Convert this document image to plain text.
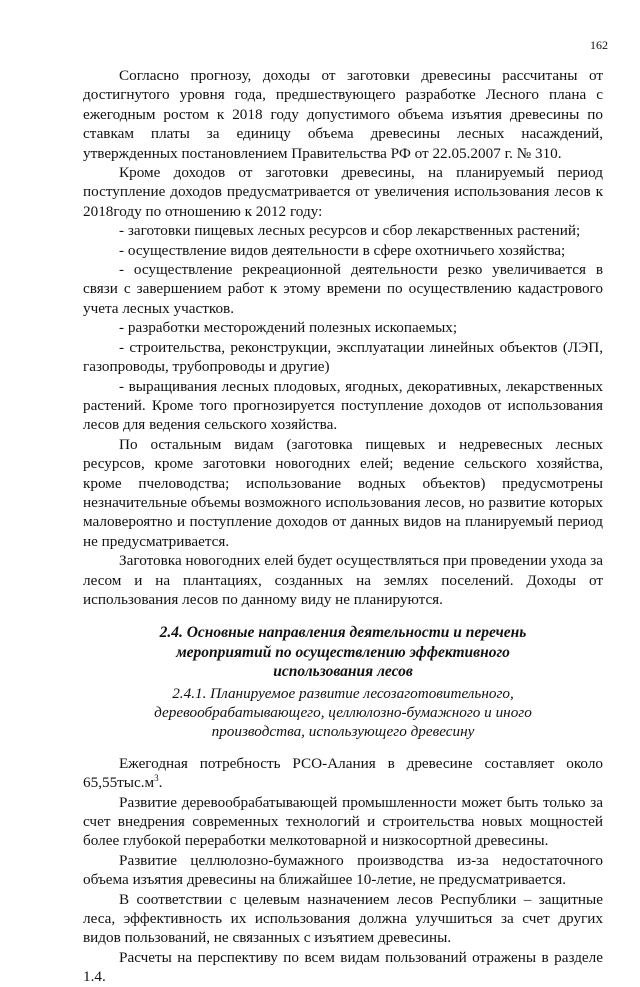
162

Согласно прогнозу, доходы от заготовки древесины рассчитаны от достигнутого уровня года, предшествующего разработке Лесного плана с ежегодным ростом к 2018 году допустимого объема изъятия древесины по ставкам платы за единицу объема древесины лесных насаждений, утвержденных постановлением Правительства РФ от 22.05.2007 г. № 310.

Кроме доходов от заготовки древесины, на планируемый период поступление доходов предусматривается от увеличения использования лесов к 2018году по отношению к 2012 году:

- заготовки пищевых лесных ресурсов и сбор лекарственных растений;

- осуществление видов деятельности в сфере охотничьего хозяйства;

- осуществление рекреационной деятельности резко увеличивается в связи с завершением работ к этому времени по осуществлению кадастрового учета лесных участков.

- разработки месторождений полезных ископаемых;

- строительства, реконструкции, эксплуатации линейных объектов (ЛЭП, газопроводы, трубопроводы и другие)

- выращивания лесных плодовых, ягодных, декоративных, лекарственных растений. Кроме того прогнозируется поступление доходов от использования лесов для ведения сельского хозяйства.

По остальным видам (заготовка пищевых и недревесных лесных ресурсов, кроме заготовки новогодних елей; ведение сельского хозяйства, кроме пчеловодства; использование водных объектов) предусмотрены незначительные объемы возможного использования лесов, но развитие которых маловероятно и поступление доходов от данных видов на планируемый период не предусматривается.

Заготовка новогодних елей будет осуществляться при проведении ухода за лесом и на плантациях, созданных на землях поселений. Доходы от использования лесов по данному виду не планируются.

2.4. Основные направления деятельности и перечень мероприятий по осуществлению эффективного использования лесов
2.4.1. Планируемое развитие лесозаготовительного, деревообрабатывающего, целлюлозно-бумажного и иного производства, использующего древесину

Ежегодная потребность РСО-Алания в древесине составляет около $65,55тыс.м^3$.

Развитие деревообрабатывающей промышленности может быть только за счет внедрения современных технологий и строительства новых мощностей более глубокой переработки мелкотоварной и низкосортной древесины.

Развитие целлюлозно-бумажного производства из-за недостаточного объема изъятия древесины на ближайшее 10-летие, не предусматривается.

В соответствии с целевым назначением лесов Республики – защитные леса, эффективность их использования должна улучшиться за счет других видов пользований, не связанных с изъятием древесины.

Расчеты на перспективу по всем видам пользований отражены в разделе 1.4.
